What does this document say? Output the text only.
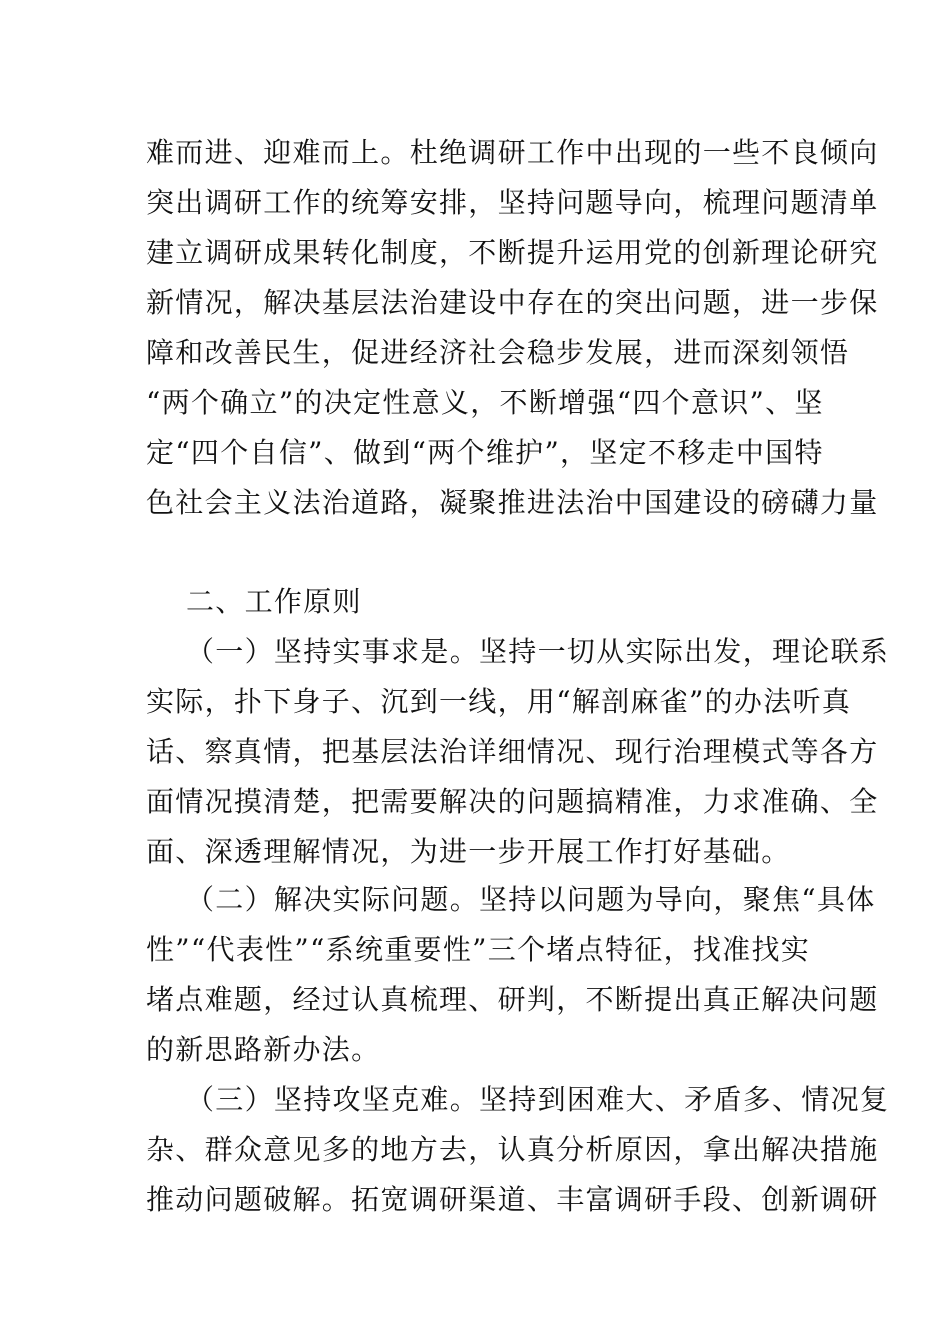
难而进、迎难而上。杜绝调研工作中出现的一些不良倾向
突出调研工作的统筹安排，坚持问题导向，梳理问题清单
建立调研成果转化制度，不断提升运用党的创新理论研究
新情况，解决基层法治建设中存在的突出问题，进一步保
障和改善民生，促进经济社会稳步发展，进而深刻领悟
“两个确立”的决定性意义，不断增强“四个意识”、坚
定“四个自信”、做到“两个维护”，坚定不移走中国特
色社会主义法治道路，凝聚推进法治中国建设的磅礴力量
二、工作原则
（一）坚持实事求是。坚持一切从实际出发，理论联系
实际，扑下身子、沉到一线，用“解剖麻雀”的办法听真
话、察真情，把基层法治详细情况、现行治理模式等各方
面情况摸清楚，把需要解决的问题搞精准，力求准确、全
面、深透理解情况，为进一步开展工作打好基础。
（二）解决实际问题。坚持以问题为导向，聚焦“具体
性”“代表性”“系统重要性”三个堵点特征，找准找实
堵点难题，经过认真梳理、研判，不断提出真正解决问题
的新思路新办法。
（三）坚持攻坚克难。坚持到困难大、矛盾多、情况复
杂、群众意见多的地方去，认真分析原因，拿出解决措施
推动问题破解。拓宽调研渠道、丰富调研手段、创新调研
